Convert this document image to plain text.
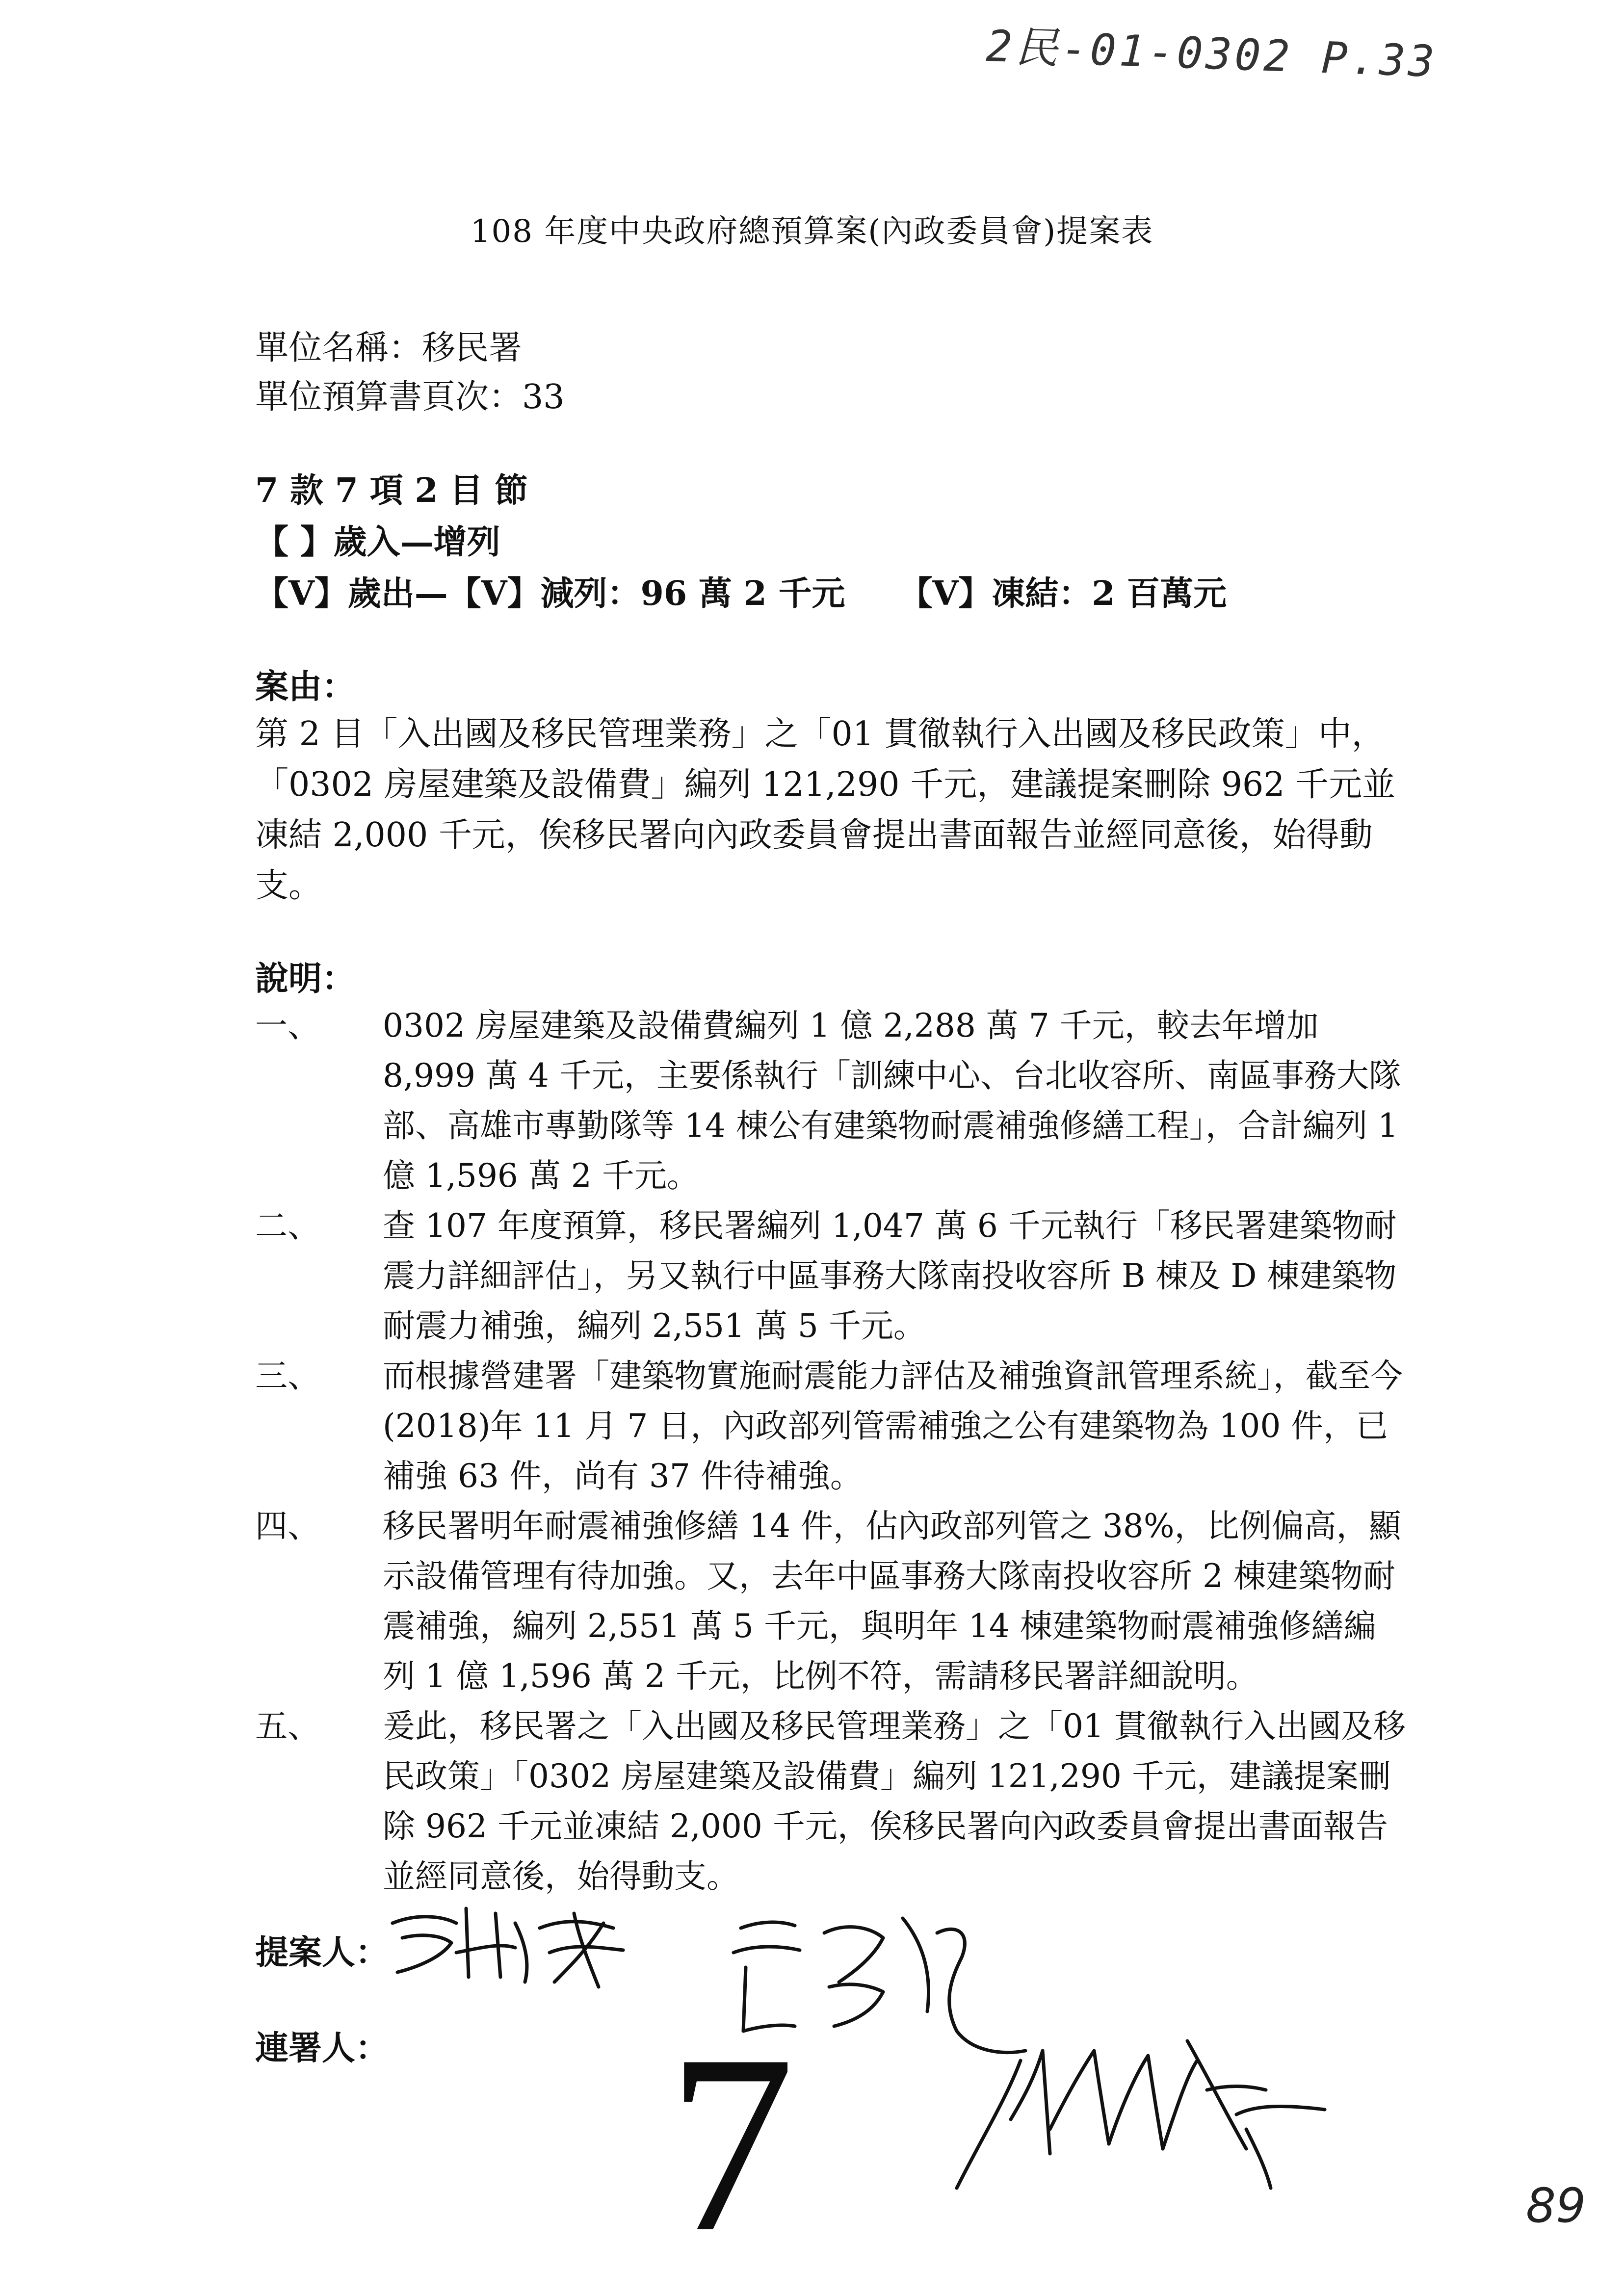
2民-01-0302 P.33
108 年度中央政府總預算案(內政委員會)提案表
單位名稱：移民署
單位預算書頁次：33
7 款 7 項 2 目 節
【 】歲入—增列
【V】歲出—【V】減列：96 萬 2 千元 【V】凍結：2 百萬元
案由：
第 2 目「入出國及移民管理業務」之「01 貫徹執行入出國及移民政策」中，「0302 房屋建築及設備費」編列 121,290 千元，建議提案刪除 962 千元並凍結 2,000 千元，俟移民署向內政委員會提出書面報告並經同意後，始得動支。
說明：
一、	0302 房屋建築及設備費編列 1 億 2,288 萬 7 千元，較去年增加 8,999 萬 4 千元，主要係執行「訓練中心、台北收容所、南區事務大隊部、高雄市專勤隊等 14 棟公有建築物耐震補強修繕工程」，合計編列 1 億 1,596 萬 2 千元。
二、	查 107 年度預算，移民署編列 1,047 萬 6 千元執行「移民署建築物耐震力詳細評估」，另又執行中區事務大隊南投收容所 B 棟及 D 棟建築物耐震力補強，編列 2,551 萬 5 千元。
三、	而根據營建署「建築物實施耐震能力評估及補強資訊管理系統」，截至今(2018)年 11 月 7 日，內政部列管需補強之公有建築物為 100 件，已補強 63 件，尚有 37 件待補強。
四、	移民署明年耐震補強修繕 14 件，佔內政部列管之 38%，比例偏高，顯示設備管理有待加強。又，去年中區事務大隊南投收容所 2 棟建築物耐震補強，編列 2,551 萬 5 千元，與明年 14 棟建築物耐震補強修繕編列 1 億 1,596 萬 2 千元，比例不符，需請移民署詳細說明。
五、	爰此，移民署之「入出國及移民管理業務」之「01 貫徹執行入出國及移民政策」「0302 房屋建築及設備費」編列 121,290 千元，建議提案刪除 962 千元並凍結 2,000 千元，俟移民署向內政委員會提出書面報告並經同意後，始得動支。
提案人：
連署人： 7	89
